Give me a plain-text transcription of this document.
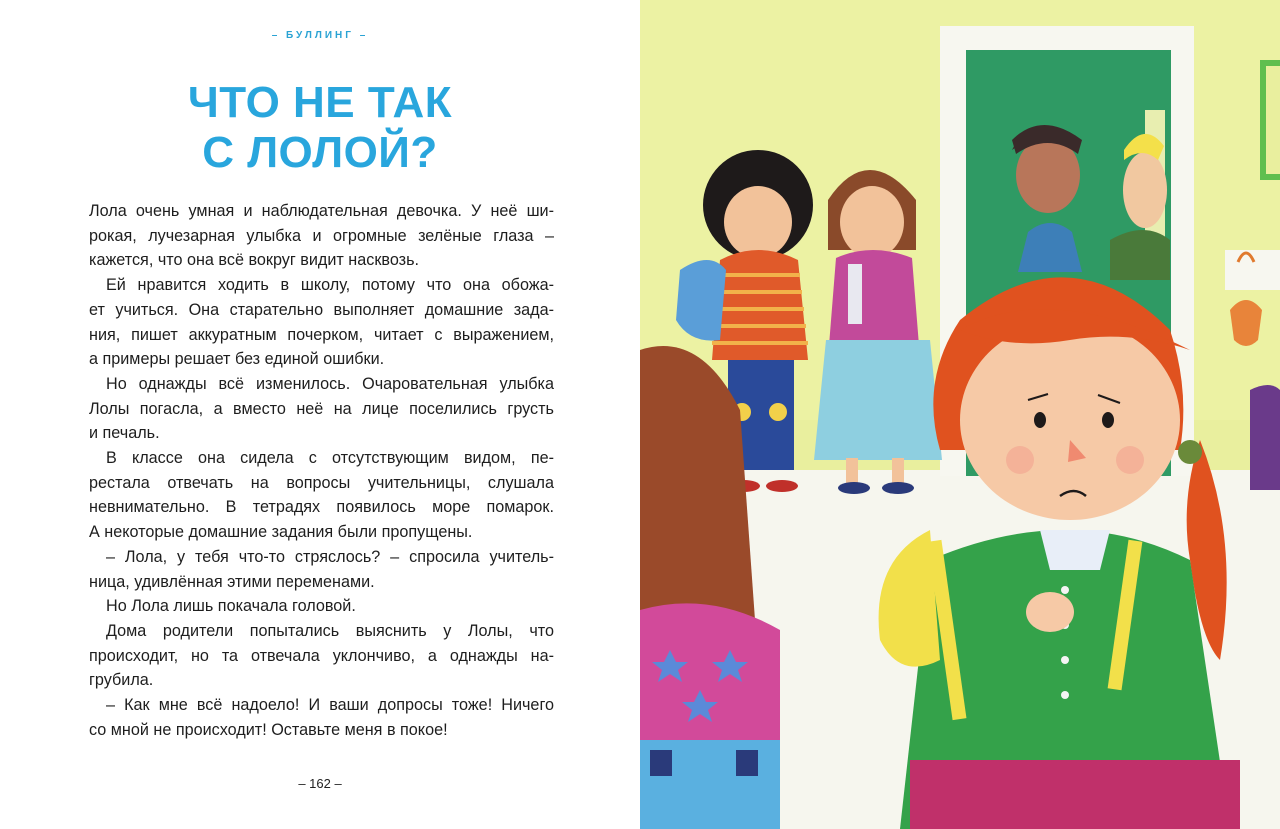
– БУЛЛИНГ –
ЧТО НЕ ТАК
С ЛОЛОЙ?
Лола очень умная и наблюдательная девочка. У неё ши-
рокая, лучезарная улыбка и огромные зелёные глаза –
кажется, что она всё вокруг видит насквозь.
Ей нравится ходить в школу, потому что она обожа-
ет учиться. Она старательно выполняет домашние зада-
ния, пишет аккуратным почерком, читает с выражением,
а примеры решает без единой ошибки.
Но однажды всё изменилось. Очаровательная улыбка
Лолы погасла, а вместо неё на лице поселились грусть
и печаль.
В классе она сидела с отсутствующим видом, пе-
рестала отвечать на вопросы учительницы, слушала
невнимательно. В тетрадях появилось море помарок.
А некоторые домашние задания были пропущены.
– Лола, у тебя что-то стряслось? – спросила учитель-
ница, удивлённая этими переменами.
Но Лола лишь покачала головой.
Дома родители попытались выяснить у Лолы, что
происходит, но та отвечала уклончиво, а однажды на-
грубила.
– Как мне всё надоело! И ваши допросы тоже! Ничего
со мной не происходит! Оставьте меня в покое!
– 162 –
